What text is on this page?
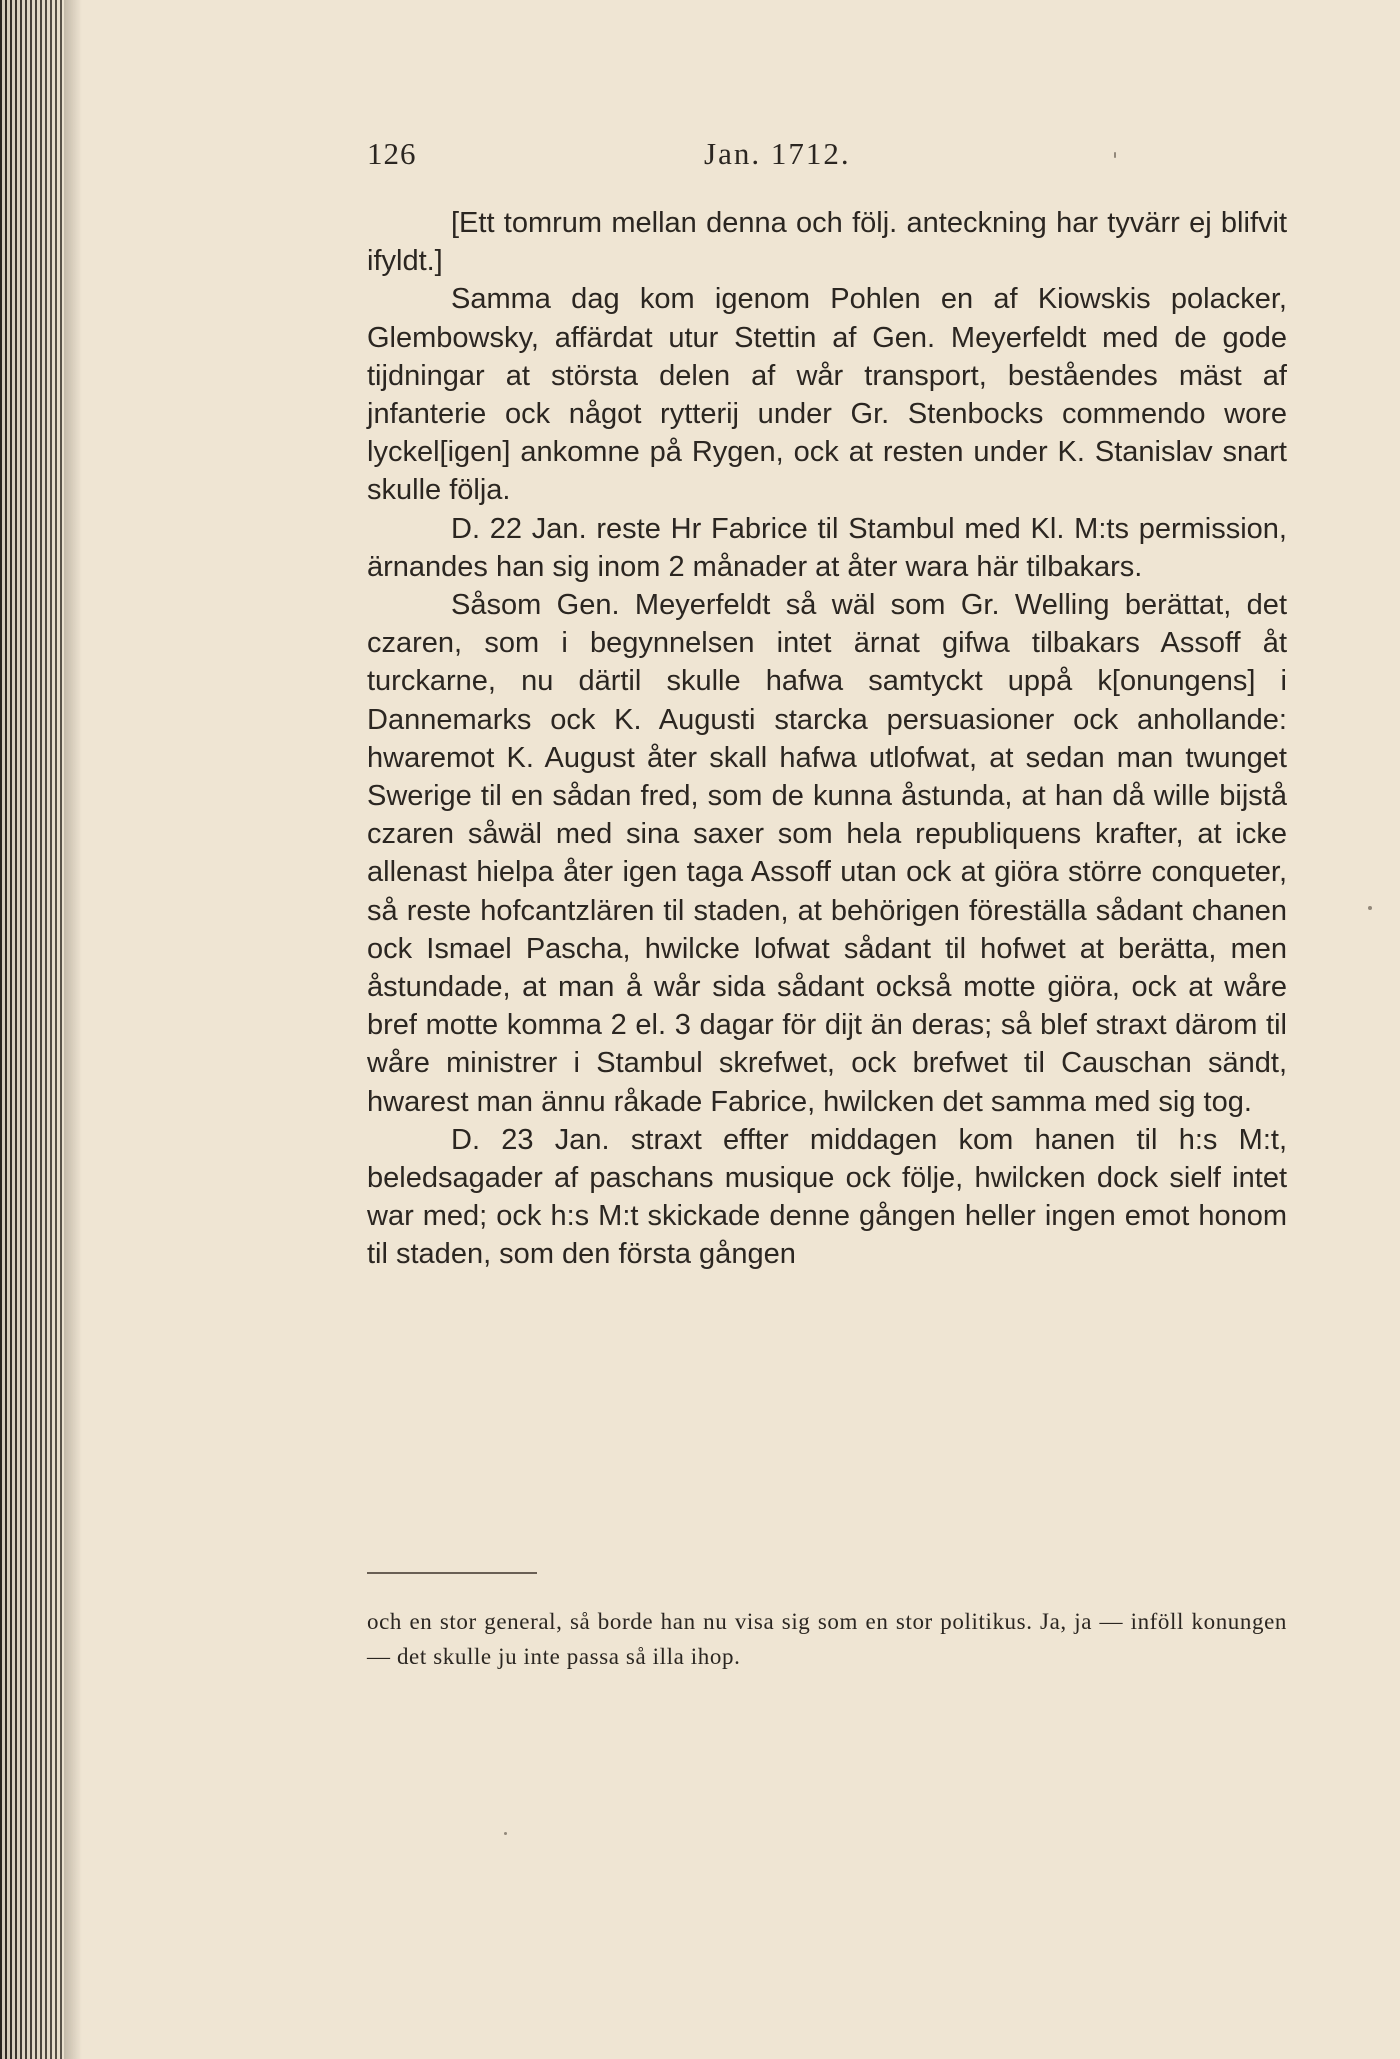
126	Jan. 1712.

[Ett tomrum mellan denna och följ. anteckning har tyvärr ej blifvit ifyldt.]

Samma dag kom igenom Pohlen en af Kiowskis polacker, Glembowsky, affärdat utur Stettin af Gen. Meyerfeldt med de gode tijdningar at största delen af wår transport, beståendes mäst af jnfanterie ock något rytterij under Gr. Stenbocks commendo wore lyckel[igen] ankomne på Rygen, ock at resten under K. Stanislav snart skulle följa.

D. 22 Jan. reste Hr Fabrice til Stambul med Kl. M:ts permission, ärnandes han sig inom 2 månader at åter wara här tilbakars.

Såsom Gen. Meyerfeldt så wäl som Gr. Welling berättat, det czaren, som i begynnelsen intet ärnat gifwa tilbakars Assoff åt turckarne, nu därtil skulle hafwa samtyckt uppå k[onungens] i Dannemarks ock K. Augusti starcka persuasioner ock anhollande: hwaremot K. August åter skall hafwa utlofwat, at sedan man twunget Swerige til en sådan fred, som de kunna åstunda, at han då wille bijstå czaren såwäl med sina saxer som hela republiquens krafter, at icke allenast hielpa åter igen taga Assoff utan ock at giöra större conqueter, så reste hofcantzlären til staden, at behörigen föreställa sådant chanen ock Ismael Pascha, hwilcke lofwat sådant til hofwet at berätta, men åstundade, at man å wår sida sådant också motte giöra, ock at wåre bref motte komma 2 el. 3 dagar för dijt än deras; så blef straxt därom til wåre ministrer i Stambul skrefwet, ock brefwet til Causchan sändt, hwarest man ännu råkade Fabrice, hwilcken det samma med sig tog.

D. 23 Jan. straxt effter middagen kom hanen til h:s M:t, beledsagader af paschans musique ock följe, hwilcken dock sielf intet war med; ock h:s M:t skickade denne gången heller ingen emot honom til staden, som den första gången

och en stor general, så borde han nu visa sig som en stor politikus. Ja, ja — inföll konungen — det skulle ju inte passa så illa ihop.
